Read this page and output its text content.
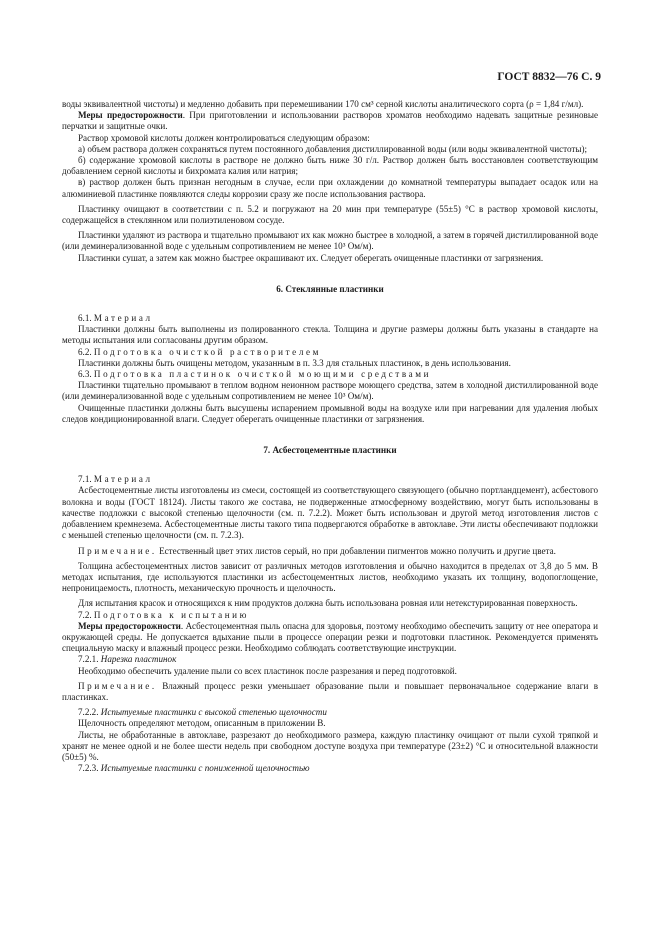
ГОСТ 8832—76 С. 9

воды эквивалентной чистоты) и медленно добавить при перемешивании 170 см³ серной кислоты аналитического сорта (ρ = 1,84 г/мл).

Меры предосторожности. При приготовлении и использовании растворов хроматов необходимо надевать защитные резиновые перчатки и защитные очки.

Раствор хромовой кислоты должен контролироваться следующим образом:

а) объем раствора должен сохраняться путем постоянного добавления дистиллированной воды (или воды эквивалентной чистоты);

б) содержание хромовой кислоты в растворе не должно быть ниже 30 г/л. Раствор должен быть восстановлен соответствующим добавлением серной кислоты и бихромата калия или натрия;

в) раствор должен быть признан негодным в случае, если при охлаждении до комнатной температуры выпадает осадок или на алюминиевой пластинке появляются следы коррозии сразу же после использования раствора.

Пластинку очищают в соответствии с п. 5.2 и погружают на 20 мин при температуре (55±5) °С в раствор хромовой кислоты, содержащейся в стеклянном или полиэтиленовом сосуде.

Пластинки удаляют из раствора и тщательно промывают их как можно быстрее в холодной, а затем в горячей дистиллированной воде (или деминерализованной воде с удельным сопротивлением не менее 10³ Ом/м).

Пластинки сушат, а затем как можно быстрее окрашивают их. Следует оберегать очищенные пластинки от загрязнения.

6. Стеклянные пластинки

6.1. Материал

Пластинки должны быть выполнены из полированного стекла. Толщина и другие размеры должны быть указаны в стандарте на методы испытания или согласованы другим образом.

6.2. Подготовка очисткой растворителем

Пластинки должны быть очищены методом, указанным в п. 3.3 для стальных пластинок, в день использования.

6.3. Подготовка пластинок очисткой моющими средствами

Пластинки тщательно промывают в теплом водном неионном растворе моющего средства, затем в холодной дистиллированной воде (или деминерализованной воде с удельным сопротивлением не менее 10³ Ом/м).

Очищенные пластинки должны быть высушены испарением промывной воды на воздухе или при нагревании для удаления любых следов кондиционированной влаги. Следует оберегать очищенные пластинки от загрязнения.

7. Асбестоцементные пластинки

7.1. Материал

Асбестоцементные листы изготовлены из смеси, состоящей из соответствующего связующего (обычно портландцемент), асбестового волокна и воды (ГОСТ 18124). Листы такого же состава, не подверженные атмосферному воздействию, могут быть использованы в качестве подложки с высокой степенью щелочности (см. п. 7.2.2). Может быть использован и другой метод изготовления листов с добавлением кремнезема. Асбестоцементные листы такого типа подвергаются обработке в автоклаве. Эти листы обеспечивают подложки с меньшей степенью щелочности (см. п. 7.2.3).

Примечание. Естественный цвет этих листов серый, но при добавлении пигментов можно получить и другие цвета.

Толщина асбестоцементных листов зависит от различных методов изготовления и обычно находится в пределах от 3,8 до 5 мм. В методах испытания, где используются пластинки из асбестоцементных листов, необходимо указать их толщину, водопоглощение, непроницаемость, плотность, механическую прочность и щелочность.

Для испытания красок и относящихся к ним продуктов должна быть использована ровная или нетекстурированная поверхность.

7.2. Подготовка к испытанию

Меры предосторожности. Асбестоцементная пыль опасна для здоровья, поэтому необходимо обеспечить защиту от нее оператора и окружающей среды. Не допускается вдыхание пыли в процессе операции резки и подготовки пластинок. Рекомендуется применять специальную маску и влажный процесс резки. Необходимо соблюдать соответствующие инструкции.

7.2.1. Нарезка пластинок

Необходимо обеспечить удаление пыли со всех пластинок после разрезания и перед подготовкой.

Примечание. Влажный процесс резки уменьшает образование пыли и повышает первоначальное содержание влаги в пластинках.

7.2.2. Испытуемые пластинки с высокой степенью щелочности

Щелочность определяют методом, описанным в приложении В.

Листы, не обработанные в автоклаве, разрезают до необходимого размера, каждую пластинку очищают от пыли сухой тряпкой и хранят не менее одной и не более шести недель при свободном доступе воздуха при температуре (23±2) °С и относительной влажности (50±5) %.

7.2.3. Испытуемые пластинки с пониженной щелочностью
